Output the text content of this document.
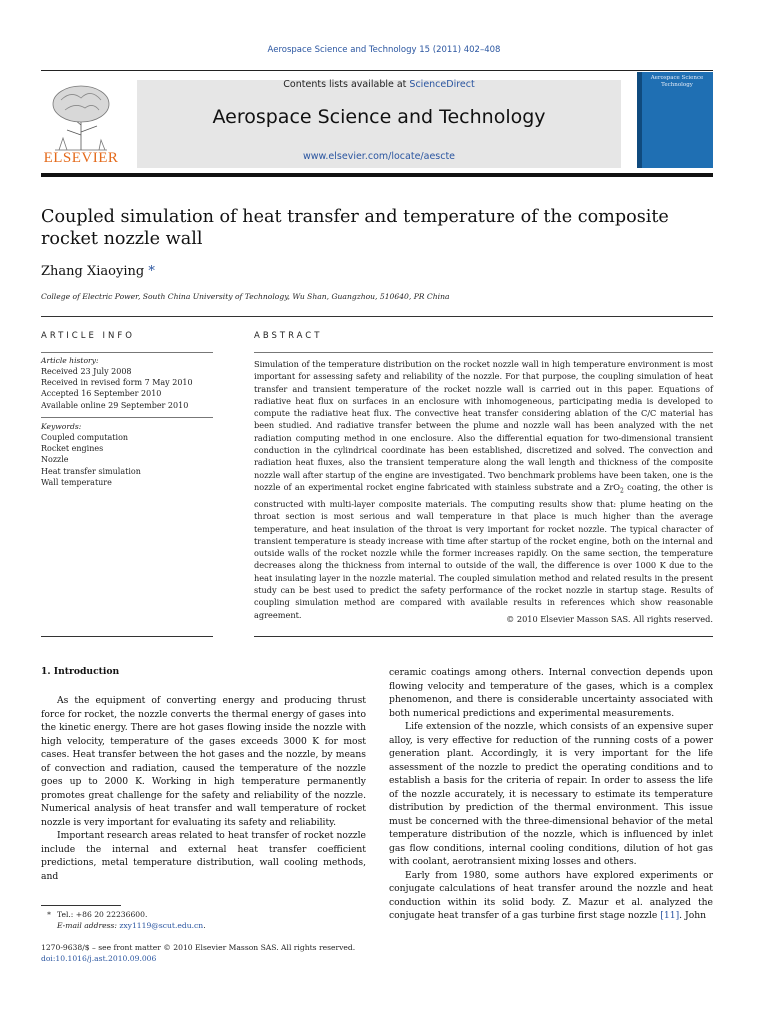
Aerospace Science and Technology 15 (2011) 402–408
ELSEVIER
Contents lists available at ScienceDirect
Aerospace Science and Technology
www.elsevier.com/locate/aescte
Aerospace Science Technology
Coupled simulation of heat transfer and temperature of the composite rocket nozzle wall
Zhang Xiaoying *
College of Electric Power, South China University of Technology, Wu Shan, Guangzhou, 510640, PR China
ARTICLE INFO
Article history:
Received 23 July 2008
Received in revised form 7 May 2010
Accepted 16 September 2010
Available online 29 September 2010
Keywords:
Coupled computation
Rocket engines
Nozzle
Heat transfer simulation
Wall temperature
ABSTRACT
Simulation of the temperature distribution on the rocket nozzle wall in high temperature environment is most important for assessing safety and reliability of the nozzle. For that purpose, the coupling simulation of heat transfer and transient temperature of the rocket nozzle wall is carried out in this paper. Equations of radiative heat flux on surfaces in an enclosure with inhomogeneous, participating media is developed to compute the radiative heat flux. The convective heat transfer considering ablation of the C/C material has been studied. And radiative transfer between the plume and nozzle wall has been analyzed with the net radiation computing method in one enclosure. Also the differential equation for two-dimensional transient conduction in the cylindrical coordinate has been established, discretized and solved. The convection and radiation heat fluxes, also the transient temperature along the wall length and thickness of the composite nozzle wall after startup of the engine are investigated. Two benchmark problems have been taken, one is the nozzle of an experimental rocket engine fabricated with stainless substrate and a ZrO$_2$ coating, the other is constructed with multi-layer composite materials. The computing results show that: plume heating on the throat section is most serious and wall temperature in that place is much higher than the average temperature, and heat insulation of the throat is very important for rocket nozzle. The typical character of transient temperature is steady increase with time after startup of the rocket engine, both on the internal and outside walls of the rocket nozzle while the former increases rapidly. On the same section, the temperature decreases along the thickness from internal to outside of the wall, the difference is over 1000 K due to the heat insulating layer in the nozzle material. The coupled simulation method and related results in the present study can be best used to predict the safety performance of the rocket nozzle in startup stage. Results of coupling simulation method are compared with available results in references which show reasonable agreement.	© 2010 Elsevier Masson SAS. All rights reserved.
1. Introduction

As the equipment of converting energy and producing thrust force for rocket, the nozzle converts the thermal energy of gases into the kinetic energy. There are hot gases flowing inside the nozzle with high velocity, temperature of the gases exceeds 3000 K for most cases. Heat transfer between the hot gases and the nozzle, by means of convection and radiation, caused the temperature of the nozzle goes up to 2000 K. Working in high temperature permanently promotes great challenge for the safety and reliability of the nozzle. Numerical analysis of heat transfer and wall temperature of rocket nozzle is very important for evaluating its safety and reliability.

Important research areas related to heat transfer of rocket nozzle include the internal and external heat transfer coefficient predictions, metal temperature distribution, wall cooling methods, and

ceramic coatings among others. Internal convection depends upon flowing velocity and temperature of the gases, which is a complex phenomenon, and there is considerable uncertainty associated with both numerical predictions and experimental measurements.

Life extension of the nozzle, which consists of an expensive super alloy, is very effective for reduction of the running costs of a power generation plant. Accordingly, it is very important for the life assessment of the nozzle to predict the operating conditions and to establish a basis for the criteria of repair. In order to assess the life of the nozzle accurately, it is necessary to estimate its temperature distribution by prediction of the thermal environment. This issue must be concerned with the three-dimensional behavior of the metal temperature distribution of the nozzle, which is influenced by inlet gas flow conditions, internal cooling conditions, dilution of hot gas with coolant, aerotransient mixing losses and others.

Early from 1980, some authors have explored experiments or conjugate calculations of heat transfer around the nozzle and heat conduction within its solid body. Z. Mazur et al. analyzed the conjugate heat transfer of a gas turbine first stage nozzle [11]. John

* Tel.: +86 20 22236600.
E-mail address: zxy1119@scut.edu.cn.
1270-9638/$ – see front matter © 2010 Elsevier Masson SAS. All rights reserved.
doi:10.1016/j.ast.2010.09.006
